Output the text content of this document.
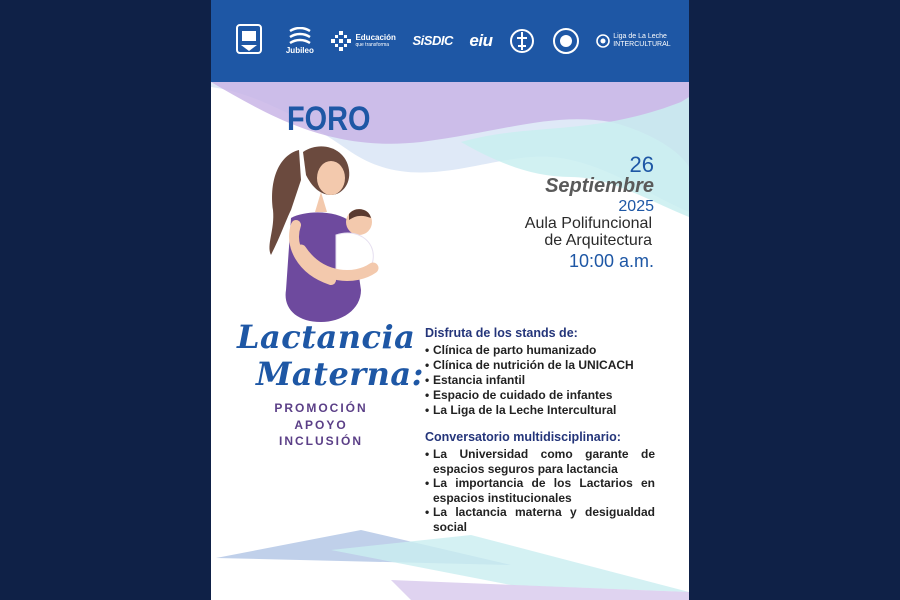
Jubileo
Educación
que transforma	SiSDIC eiu	Liga de La Leche
INTERCULTURAL
FORO
26
Septiembre
2025
Aula Polifuncional
de Arquitectura
10:00 a.m.
Lactancia
Materna:
PROMOCIÓN
APOYO
INCLUSIÓN
Disfruta de los stands de:
• Clínica de parto humanizado
• Clínica de nutrición de la UNICACH
• Estancia infantil
• Espacio de cuidado de infantes
• La Liga de la Leche Intercultural
Conversatorio multidisciplinario:
• La Universidad como garante de espacios seguros para lactancia
• La importancia de los Lactarios en espacios institucionales
• La lactancia materna y desigualdad social
